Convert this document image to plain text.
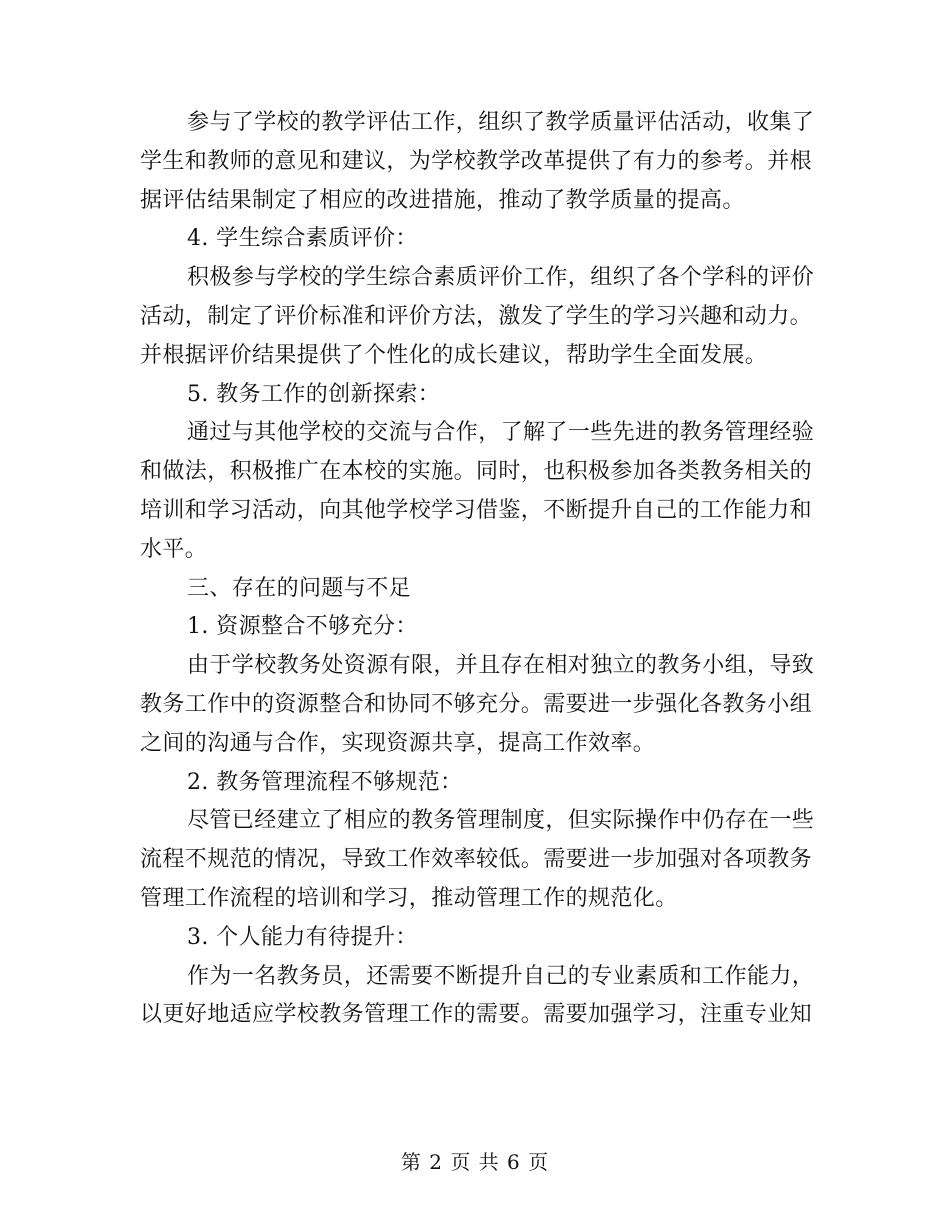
参与了学校的教学评估工作，组织了教学质量评估活动，收集了
学生和教师的意见和建议，为学校教学改革提供了有力的参考。并根
据评估结果制定了相应的改进措施，推动了教学质量的提高。
4. 学生综合素质评价：
积极参与学校的学生综合素质评价工作，组织了各个学科的评价
活动，制定了评价标准和评价方法，激发了学生的学习兴趣和动力。
并根据评价结果提供了个性化的成长建议，帮助学生全面发展。
5. 教务工作的创新探索：
通过与其他学校的交流与合作，了解了一些先进的教务管理经验
和做法，积极推广在本校的实施。同时，也积极参加各类教务相关的
培训和学习活动，向其他学校学习借鉴，不断提升自己的工作能力和
水平。
三、存在的问题与不足
1. 资源整合不够充分：
由于学校教务处资源有限，并且存在相对独立的教务小组，导致
教务工作中的资源整合和协同不够充分。需要进一步强化各教务小组
之间的沟通与合作，实现资源共享，提高工作效率。
2. 教务管理流程不够规范：
尽管已经建立了相应的教务管理制度，但实际操作中仍存在一些
流程不规范的情况，导致工作效率较低。需要进一步加强对各项教务
管理工作流程的培训和学习，推动管理工作的规范化。
3. 个人能力有待提升：
作为一名教务员，还需要不断提升自己的专业素质和工作能力，
以更好地适应学校教务管理工作的需要。需要加强学习，注重专业知
第 2 页 共 6 页
